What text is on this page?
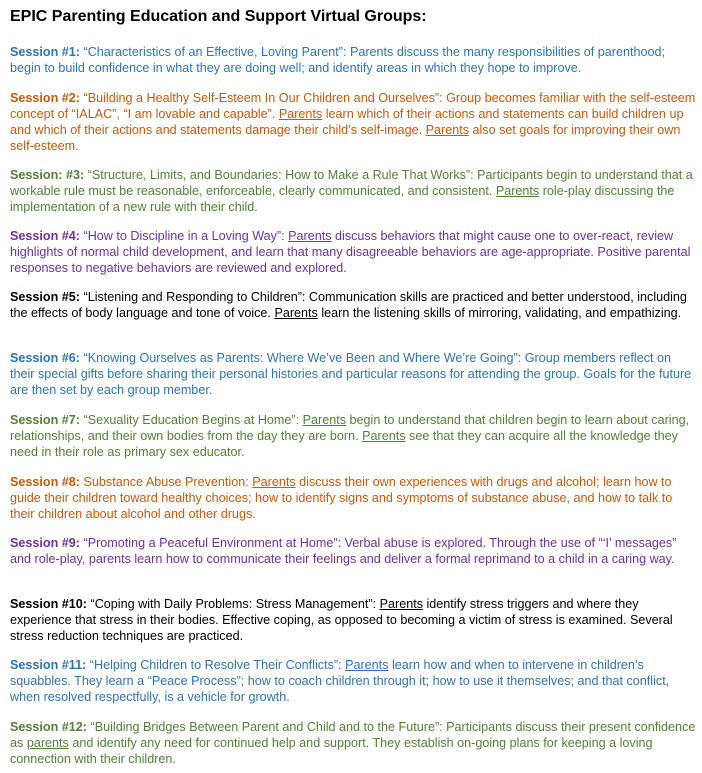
EPIC Parenting Education and Support Virtual Groups:

Session #1: “Characteristics of an Effective, Loving Parent”: Parents discuss the many responsibilities of parenthood; begin to build confidence in what they are doing well; and identify areas in which they hope to improve.

Session #2: “Building a Healthy Self-Esteem In Our Children and Ourselves”: Group becomes familiar with the self-esteem concept of “IALAC”, “I am lovable and capable”. Parents learn which of their actions and statements can build children up and which of their actions and statements damage their child’s self-image. Parents also set goals for improving their own self-esteem.

Session: #3: “Structure, Limits, and Boundaries: How to Make a Rule That Works”: Participants begin to understand that a workable rule must be reasonable, enforceable, clearly communicated, and consistent. Parents role-play discussing the implementation of a new rule with their child.

Session #4: “How to Discipline in a Loving Way”: Parents discuss behaviors that might cause one to over-react, review highlights of normal child development, and learn that many disagreeable behaviors are age-appropriate. Positive parental responses to negative behaviors are reviewed and explored.

Session #5: “Listening and Responding to Children”: Communication skills are practiced and better understood, including the effects of body language and tone of voice. Parents learn the listening skills of mirroring, validating, and empathizing.

Session #6: “Knowing Ourselves as Parents: Where We’ve Been and Where We’re Going”: Group members reflect on their special gifts before sharing their personal histories and particular reasons for attending the group. Goals for the future are then set by each group member.

Session #7: “Sexuality Education Begins at Home”: Parents begin to understand that children begin to learn about caring, relationships, and their own bodies from the day they are born. Parents see that they can acquire all the knowledge they need in their role as primary sex educator.

Session #8: Substance Abuse Prevention: Parents discuss their own experiences with drugs and alcohol; learn how to guide their children toward healthy choices; how to identify signs and symptoms of substance abuse, and how to talk to their children about alcohol and other drugs.

Session #9: “Promoting a Peaceful Environment at Home”: Verbal abuse is explored. Through the use of “‘I’ messages” and role-play, parents learn how to communicate their feelings and deliver a formal reprimand to a child in a caring way.

Session #10: “Coping with Daily Problems: Stress Management”: Parents identify stress triggers and where they experience that stress in their bodies. Effective coping, as opposed to becoming a victim of stress is examined. Several stress reduction techniques are practiced.

Session #11: “Helping Children to Resolve Their Conflicts”: Parents learn how and when to intervene in children’s squabbles. They learn a “Peace Process”; how to coach children through it; how to use it themselves; and that conflict, when resolved respectfully, is a vehicle for growth.

Session #12: “Building Bridges Between Parent and Child and to the Future”: Participants discuss their present confidence as parents and identify any need for continued help and support. They establish on-going plans for keeping a loving connection with their children.
